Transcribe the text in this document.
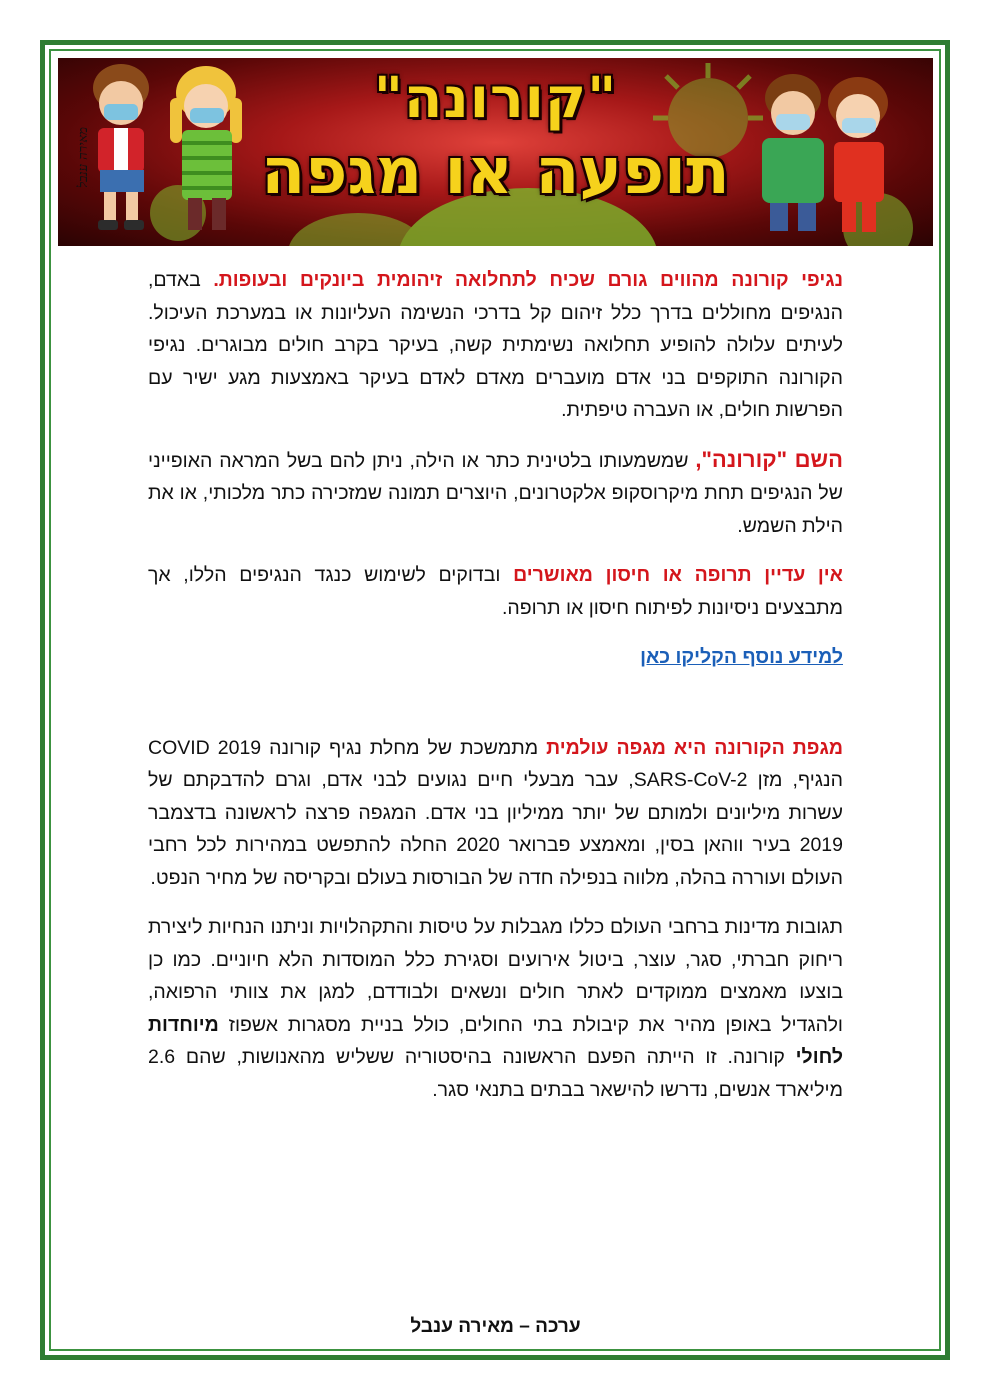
"קורונה"
תופעה או מגפה
מאירה ענבל

נגיפי קורונה מהווים גורם שכיח לתחלואה זיהומית ביונקים ובעופות. באדם, הנגיפים מחוללים בדרך כלל זיהום קל בדרכי הנשימה העליונות או במערכת העיכול. לעיתים עלולה להופיע תחלואה נשימתית קשה, בעיקר בקרב חולים מבוגרים. נגיפי הקורונה התוקפים בני אדם מועברים מאדם לאדם בעיקר באמצעות מגע ישיר עם הפרשות חולים, או העברה טיפתית.

השם "קורונה", שמשמעותו בלטינית כתר או הילה, ניתן להם בשל המראה האופייני של הנגיפים תחת מיקרוסקופ אלקטרונים, היוצרים תמונה שמזכירה כתר מלכותי, או את הילת השמש.

אין עדיין תרופה או חיסון מאושרים ובדוקים לשימוש כנגד הנגיפים הללו, אך מתבצעים ניסיונות לפיתוח חיסון או תרופה.

למידע נוסף הקליקו כאן

מגפת הקורונה היא מגפה עולמית מתמשכת של מחלת נגיף קורונה COVID 2019 הנגיף, מזן SARS-CoV-2, עבר מבעלי חיים נגועים לבני אדם, וגרם להדבקתם של עשרות מיליונים ולמותם של יותר ממיליון בני אדם. המגפה פרצה לראשונה בדצמבר 2019 בעיר ווהאן בסין, ומאמצע פברואר 2020 החלה להתפשט במהירות לכל רחבי העולם ועוררה בהלה, מלווה בנפילה חדה של הבורסות בעולם ובקריסה של מחיר הנפט.

תגובות מדינות ברחבי העולם כללו מגבלות על טיסות והתקהלויות וניתנו הנחיות ליצירת ריחוק חברתי, סגר, עוצר, ביטול אירועים וסגירת כלל המוסדות הלא חיוניים. כמו כן בוצעו מאמצים ממוקדים לאתר חולים ונשאים ולבודדם, למגן את צוותי הרפואה, ולהגדיל באופן מהיר את קיבולת בתי החולים, כולל בניית מסגרות אשפוז מיוחדות לחולי קורונה. זו הייתה הפעם הראשונה בהיסטוריה ששליש מהאנושות, שהם 2.6 מיליארד אנשים, נדרשו להישאר בבתים בתנאי סגר.

ערכה – מאירה ענבל
